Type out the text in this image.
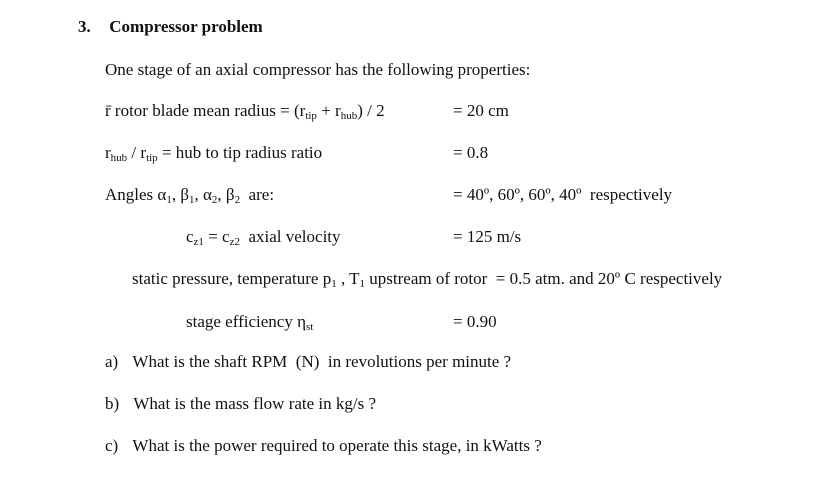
3. Compressor problem
One stage of an axial compressor has the following properties:
r̄ rotor blade mean radius = $(r_{tip} + r_{hub}) / 2$	= 20 cm
$r_{hub} / r_{tip}$ = hub to tip radius ratio	= 0.8
Angles $\alpha_1$, $\beta_1$, $\alpha_2$, $\beta_2$  are:	= 40º, 60º, 60º, 40º  respectively
$c_{z1} = c_{z2}$  axial velocity	= 125 m/s
static pressure, temperature $p_1$ , $T_1$ upstream of rotor  = 0.5 atm. and 20º C respectively
stage efficiency $\eta_{st}$	= 0.90
a) What is the shaft RPM  (N)  in revolutions per minute ?
b) What is the mass flow rate in kg/s ?
c) What is the power required to operate this stage, in kWatts ?
